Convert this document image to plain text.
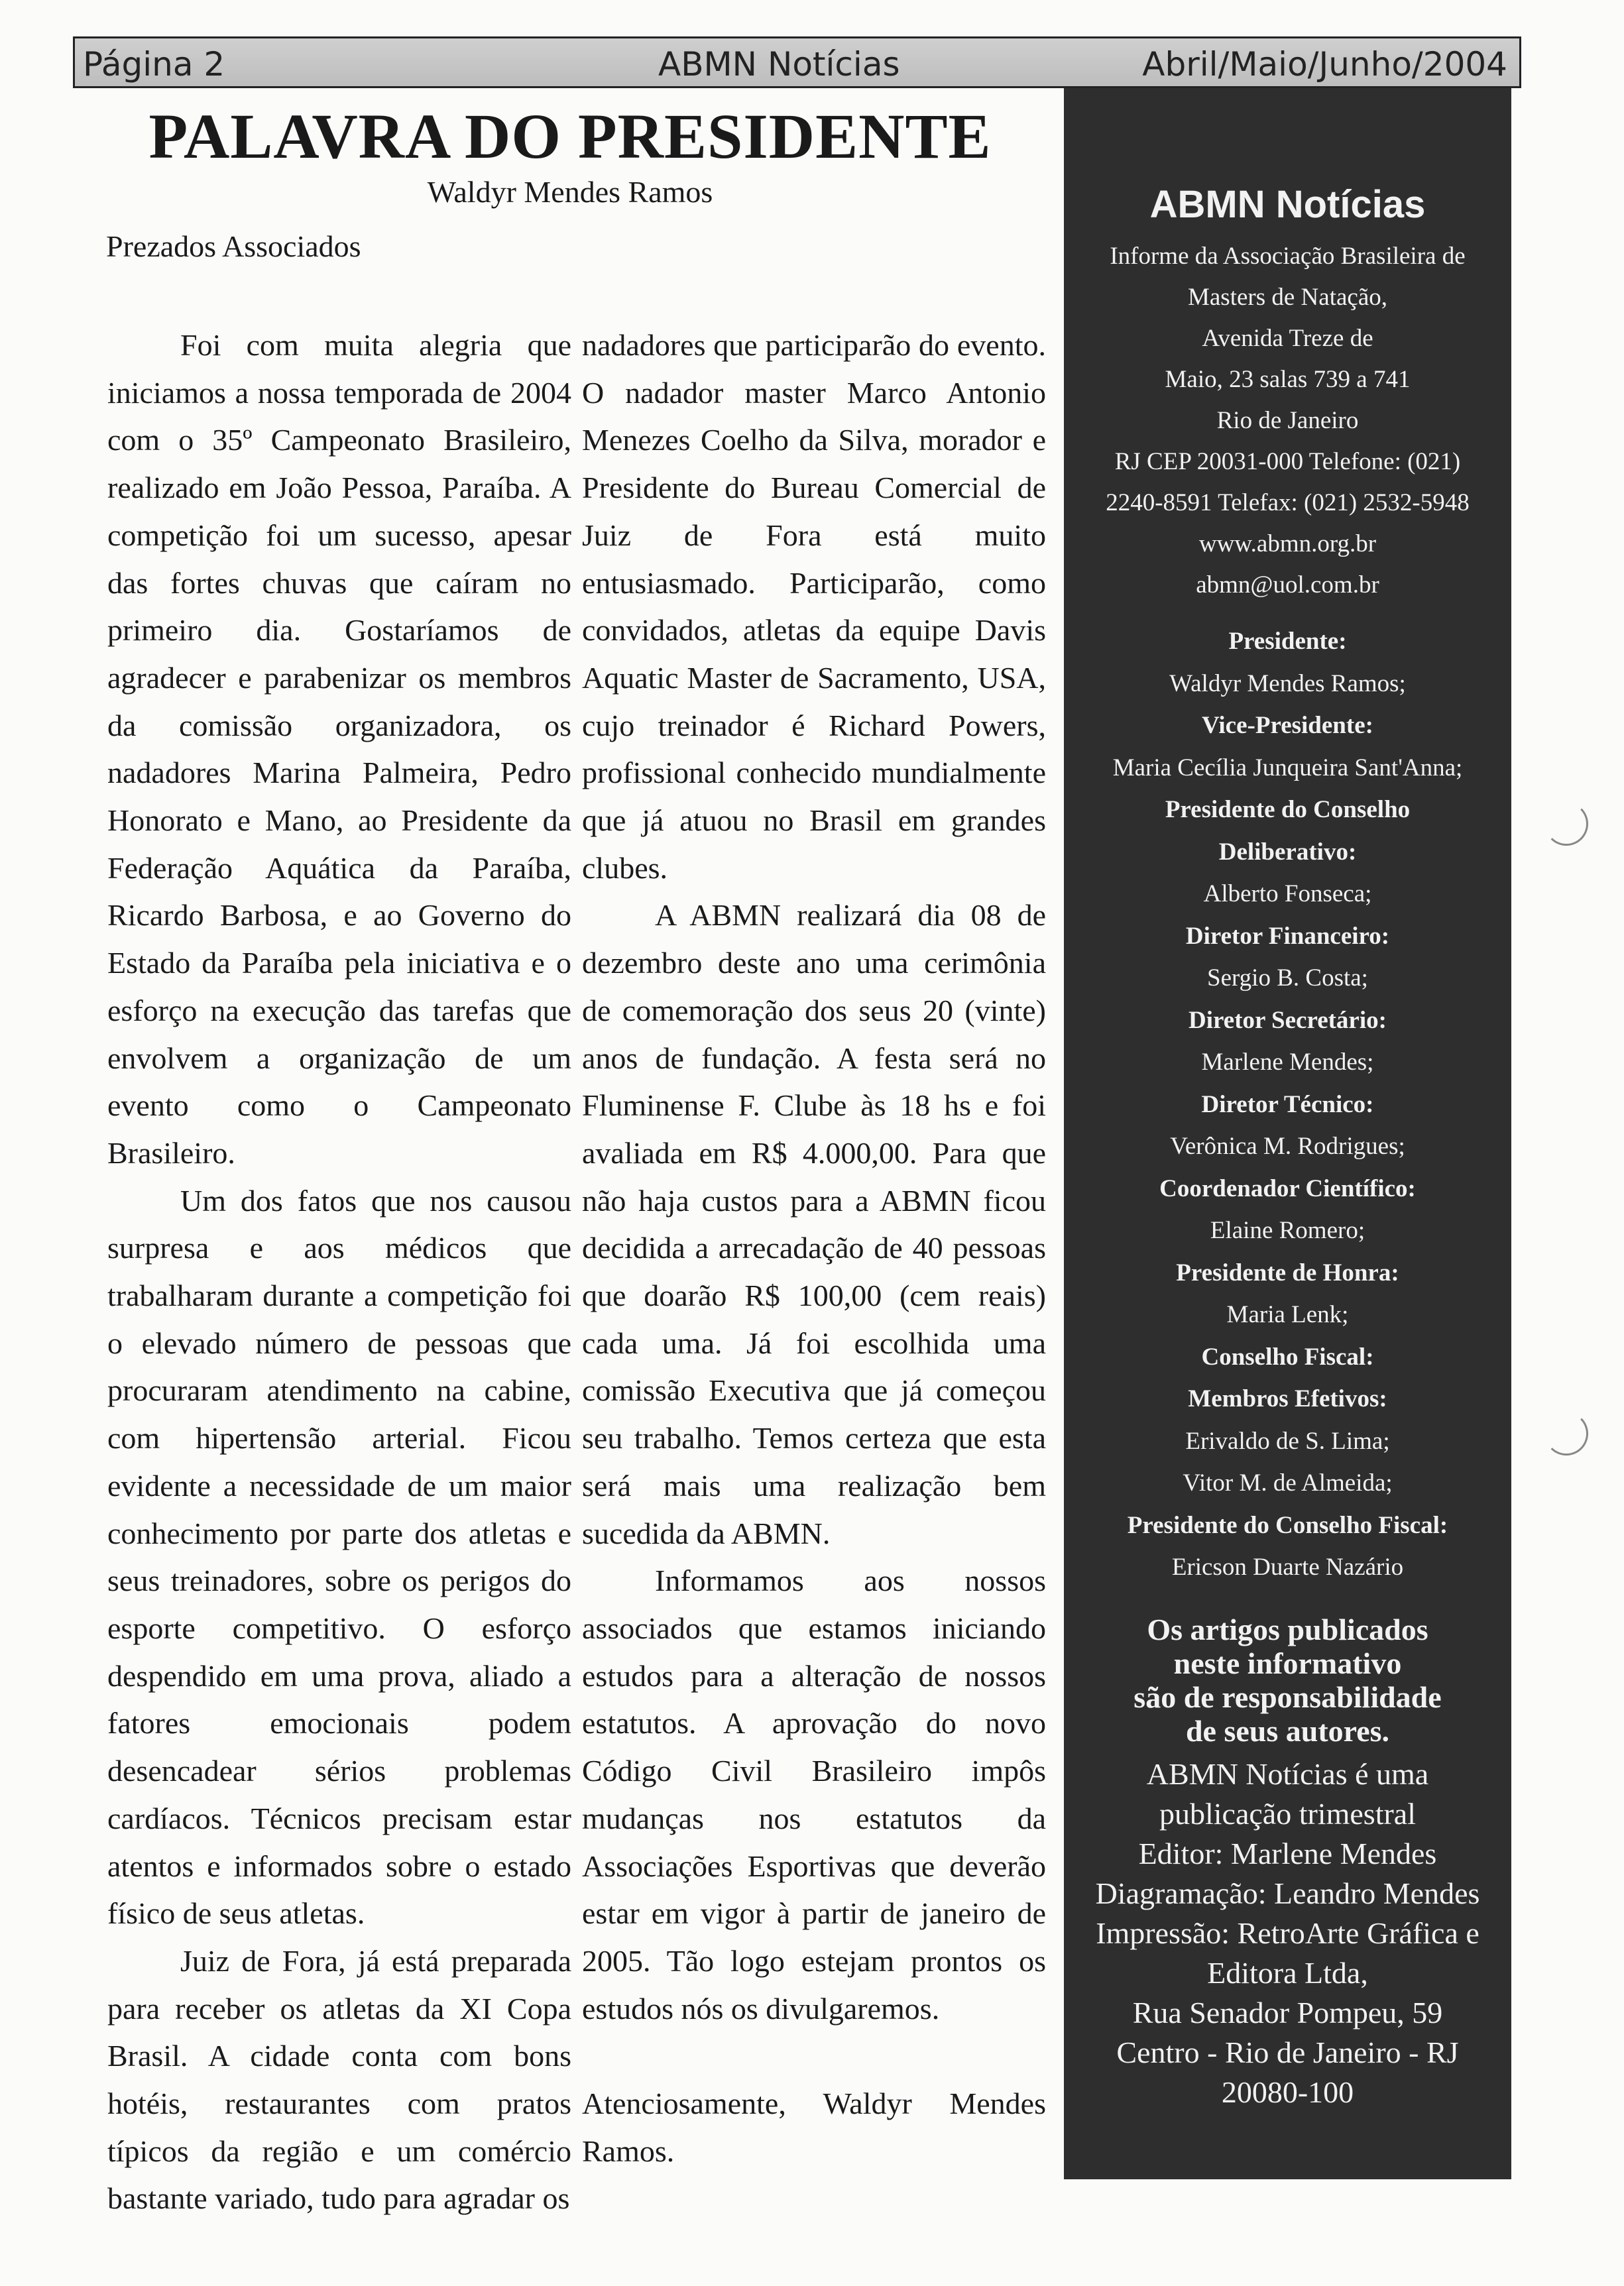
Página 2	ABMN Notícias	Abril/Maio/Junho/2004
PALAVRA DO PRESIDENTE
Waldyr Mendes Ramos
Prezados Associados

Foi com muita alegria que iniciamos a nossa temporada de 2004 com o 35º Campeonato Brasileiro, realizado em João Pessoa, Paraíba. A competição foi um sucesso, apesar das fortes chuvas que caíram no primeiro dia. Gostaríamos de agradecer e parabenizar os membros da comissão organizadora, os nadadores Marina Palmeira, Pedro Honorato e Mano, ao Presidente da Federação Aquática da Paraíba, Ricardo Barbosa, e ao Governo do Estado da Paraíba pela iniciativa e o esforço na execução das tarefas que envolvem a organização de um evento como o Campeonato Brasileiro.

Um dos fatos que nos causou surpresa e aos médicos que trabalharam durante a competição foi o elevado número de pessoas que procuraram atendimento na cabine, com hipertensão arterial. Ficou evidente a necessidade de um maior conhecimento por parte dos atletas e seus treinadores, sobre os perigos do esporte competitivo. O esforço despendido em uma prova, aliado a fatores emocionais podem desencadear sérios problemas cardíacos. Técnicos precisam estar atentos e informados sobre o estado físico de seus atletas.

Juiz de Fora, já está preparada para receber os atletas da XI Copa Brasil. A cidade conta com bons hotéis, restaurantes com pratos típicos da região e um comércio bastante variado, tudo para agradar os

nadadores que participarão do evento. O nadador master Marco Antonio Menezes Coelho da Silva, morador e Presidente do Bureau Comercial de Juiz de Fora está muito entusiasmado. Participarão, como convidados, atletas da equipe Davis Aquatic Master de Sacramento, USA, cujo treinador é Richard Powers, profissional conhecido mundialmente que já atuou no Brasil em grandes clubes.

A ABMN realizará dia 08 de dezembro deste ano uma cerimônia de comemoração dos seus 20 (vinte) anos de fundação. A festa será no Fluminense F. Clube às 18 hs e foi avaliada em R$ 4.000,00. Para que não haja custos para a ABMN ficou decidida a arrecadação de 40 pessoas que doarão R$ 100,00 (cem reais) cada uma. Já foi escolhida uma comissão Executiva que já começou seu trabalho. Temos certeza que esta será mais uma realização bem sucedida da ABMN.

Informamos aos nossos associados que estamos iniciando estudos para a alteração de nossos estatutos. A aprovação do novo Código Civil Brasileiro impôs mudanças nos estatutos da Associações Esportivas que deverão estar em vigor à partir de janeiro de 2005. Tão logo estejam prontos os estudos nós os divulgaremos.

Atenciosamente, Waldyr Mendes Ramos.

ABMN Notícias
Informe da Associação Brasileira de
Masters de Natação,
Avenida Treze de
Maio, 23 salas 739 a 741
Rio de Janeiro
RJ CEP 20031-000 Telefone: (021)
2240-8591 Telefax: (021) 2532-5948
www.abmn.org.br
abmn@uol.com.br
Presidente:
Waldyr Mendes Ramos;
Vice-Presidente:
Maria Cecília Junqueira Sant'Anna;
Presidente do Conselho
Deliberativo:
Alberto Fonseca;
Diretor Financeiro:
Sergio B. Costa;
Diretor Secretário:
Marlene Mendes;
Diretor Técnico:
Verônica M. Rodrigues;
Coordenador Científico:
Elaine Romero;
Presidente de Honra:
Maria Lenk;
Conselho Fiscal:
Membros Efetivos:
Erivaldo de S. Lima;
Vitor M. de Almeida;
Presidente do Conselho Fiscal:
Ericson Duarte Nazário
Os artigos publicados
neste informativo
são de responsabilidade
de seus autores.
ABMN Notícias é uma
publicação trimestral
Editor: Marlene Mendes
Diagramação: Leandro Mendes
Impressão: RetroArte Gráfica e
Editora Ltda,
Rua Senador Pompeu, 59
Centro - Rio de Janeiro - RJ
20080-100
